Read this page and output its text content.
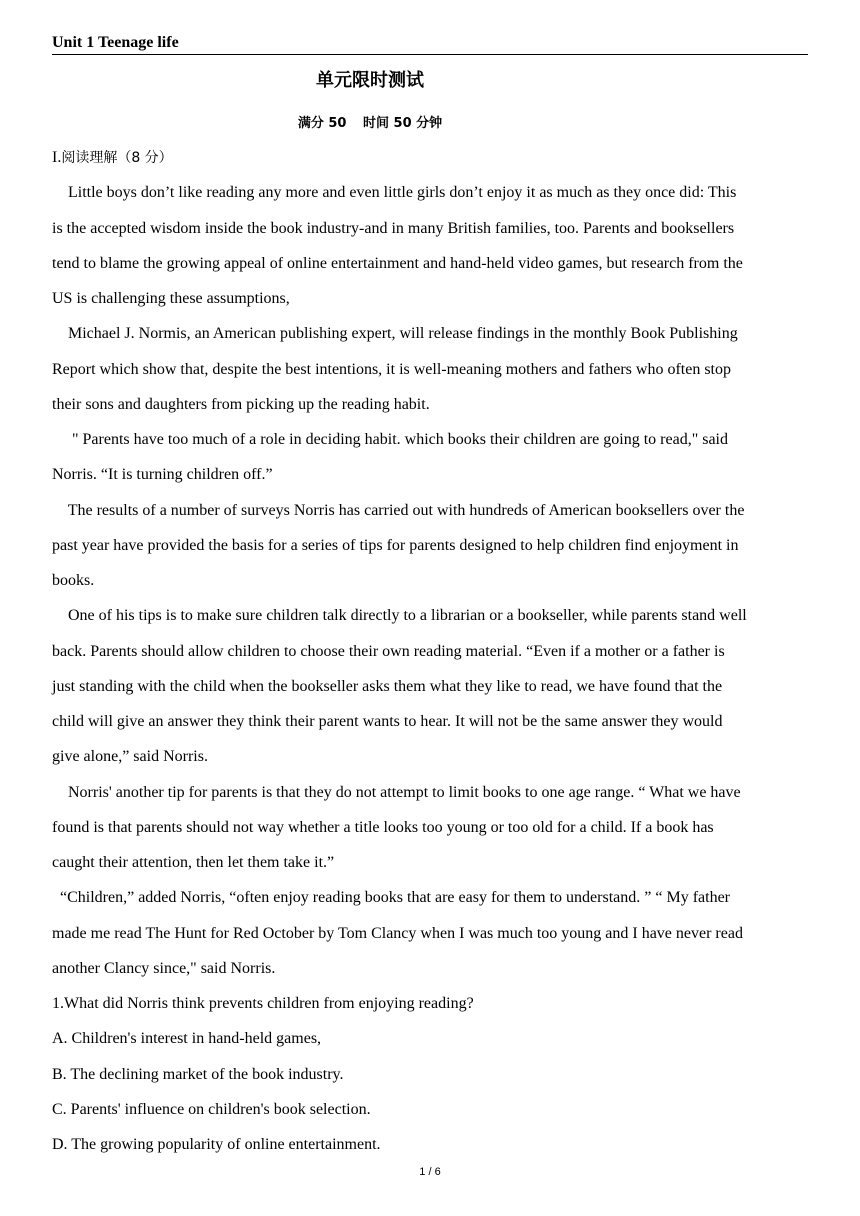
Unit 1 Teenage life
单元限时测试
满分 50 时间 50 分钟
I.阅读理解（8 分）
Little boys don’t like reading any more and even little girls don’t enjoy it as much as they once did: This
is the accepted wisdom inside the book industry-and in many British families, too. Parents and booksellers
tend to blame the growing appeal of online entertainment and hand-held video games, but research from the
US is challenging these assumptions,
Michael J. Normis, an American publishing expert, will release findings in the monthly Book Publishing
Report which show that, despite the best intentions, it is well-meaning mothers and fathers who often stop
their sons and daughters from picking up the reading habit.
" Parents have too much of a role in deciding habit. which books their children are going to read," said
Norris. “It is turning children off.”
The results of a number of surveys Norris has carried out with hundreds of American booksellers over the
past year have provided the basis for a series of tips for parents designed to help children find enjoyment in
books.
One of his tips is to make sure children talk directly to a librarian or a bookseller, while parents stand well
back. Parents should allow children to choose their own reading material. “Even if a mother or a father is
just standing with the child when the bookseller asks them what they like to read, we have found that the
child will give an answer they think their parent wants to hear. It will not be the same answer they would
give alone,” said Norris.
Norris' another tip for parents is that they do not attempt to limit books to one age range. “ What we have
found is that parents should not way whether a title looks too young or too old for a child. If a book has
caught their attention, then let them take it.”
“Children,” added Norris, “often enjoy reading books that are easy for them to understand. ” “ My father
made me read The Hunt for Red October by Tom Clancy when I was much too young and I have never read
another Clancy since," said Norris.
1.What did Norris think prevents children from enjoying reading?
A. Children's interest in hand-held games,
B. The declining market of the book industry.
C. Parents' influence on children's book selection.
D. The growing popularity of online entertainment.
1 / 6
